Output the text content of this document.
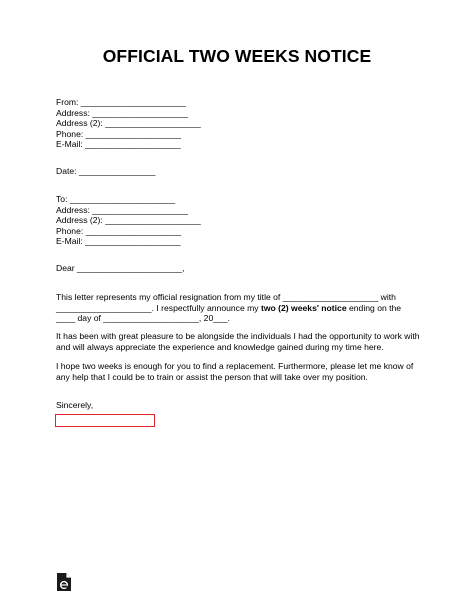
OFFICIAL TWO WEEKS NOTICE
From: ______________________
Address: ____________________
Address (2): ____________________
Phone: ____________________
E-Mail: ____________________
Date: ________________
To: ______________________
Address: ____________________
Address (2): ____________________
Phone: ____________________
E-Mail: ____________________
Dear ______________________,
This letter represents my official resignation from my title of ____________________ with
____________________. I respectfully announce my two (2) weeks' notice ending on the
____ day of ____________________, 20___.
It has been with great pleasure to be alongside the individuals I had the opportunity to work with and will always appreciate the experience and knowledge gained during my time here.
I hope two weeks is enough for you to find a replacement. Furthermore, please let me know of any help that I could be to train or assist the person that will take over my position.
Sincerely,
